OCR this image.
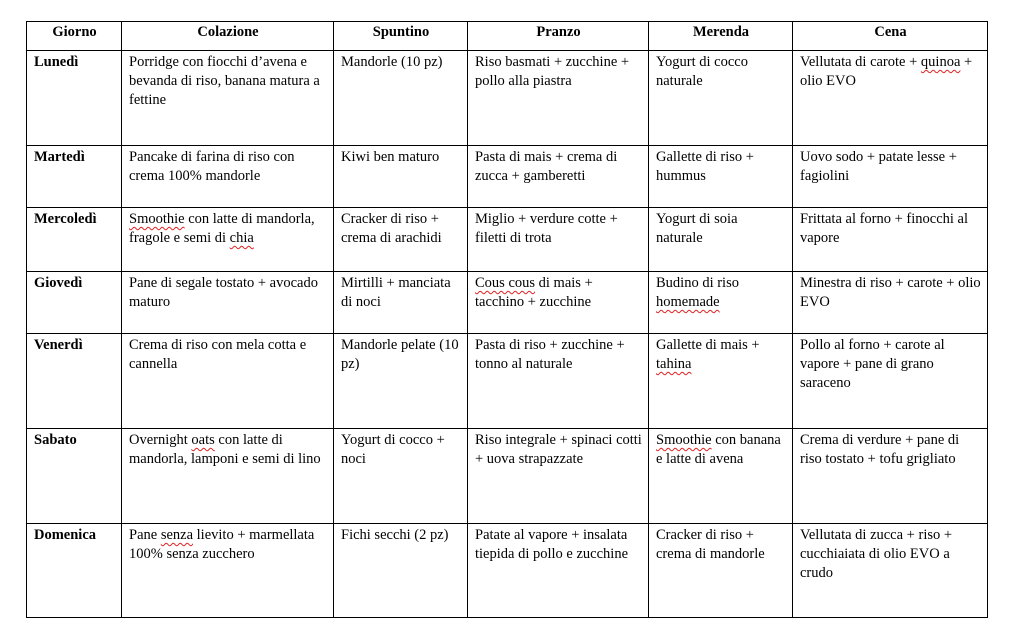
Giorno	Colazione	Spuntino	Pranzo	Merenda	Cena
Lunedì	Porridge con fiocchi d’avena e bevanda di riso, banana matura a fettine	Mandorle (10 pz)	Riso basmati + zucchine + pollo alla piastra	Yogurt di cocco naturale	Vellutata di carote + quinoa + olio EVO
Martedì	Pancake di farina di riso con crema 100% mandorle	Kiwi ben maturo	Pasta di mais + crema di zucca + gamberetti	Gallette di riso + hummus	Uovo sodo + patate lesse + fagiolini
Mercoledì	Smoothie con latte di mandorla, fragole e semi di chia	Cracker di riso + crema di arachidi	Miglio + verdure cotte + filetti di trota	Yogurt di soia naturale	Frittata al forno + finocchi al vapore
Giovedì	Pane di segale tostato + avocado maturo	Mirtilli + manciata di noci	Cous cous di mais + tacchino + zucchine	Budino di riso homemade	Minestra di riso + carote + olio EVO
Venerdì	Crema di riso con mela cotta e cannella	Mandorle pelate (10 pz)	Pasta di riso + zucchine + tonno al naturale	Gallette di mais + tahina	Pollo al forno + carote al vapore + pane di grano saraceno
Sabato	Overnight oats con latte di mandorla, lamponi e semi di lino	Yogurt di cocco + noci	Riso integrale + spinaci cotti + uova strapazzate	Smoothie con banana e latte di avena	Crema di verdure + pane di riso tostato + tofu grigliato
Domenica	Pane senza lievito + marmellata 100% senza zucchero	Fichi secchi (2 pz)	Patate al vapore + insalata tiepida di pollo e zucchine	Cracker di riso + crema di mandorle	Vellutata di zucca + riso + cucchiaiata di olio EVO a crudo
